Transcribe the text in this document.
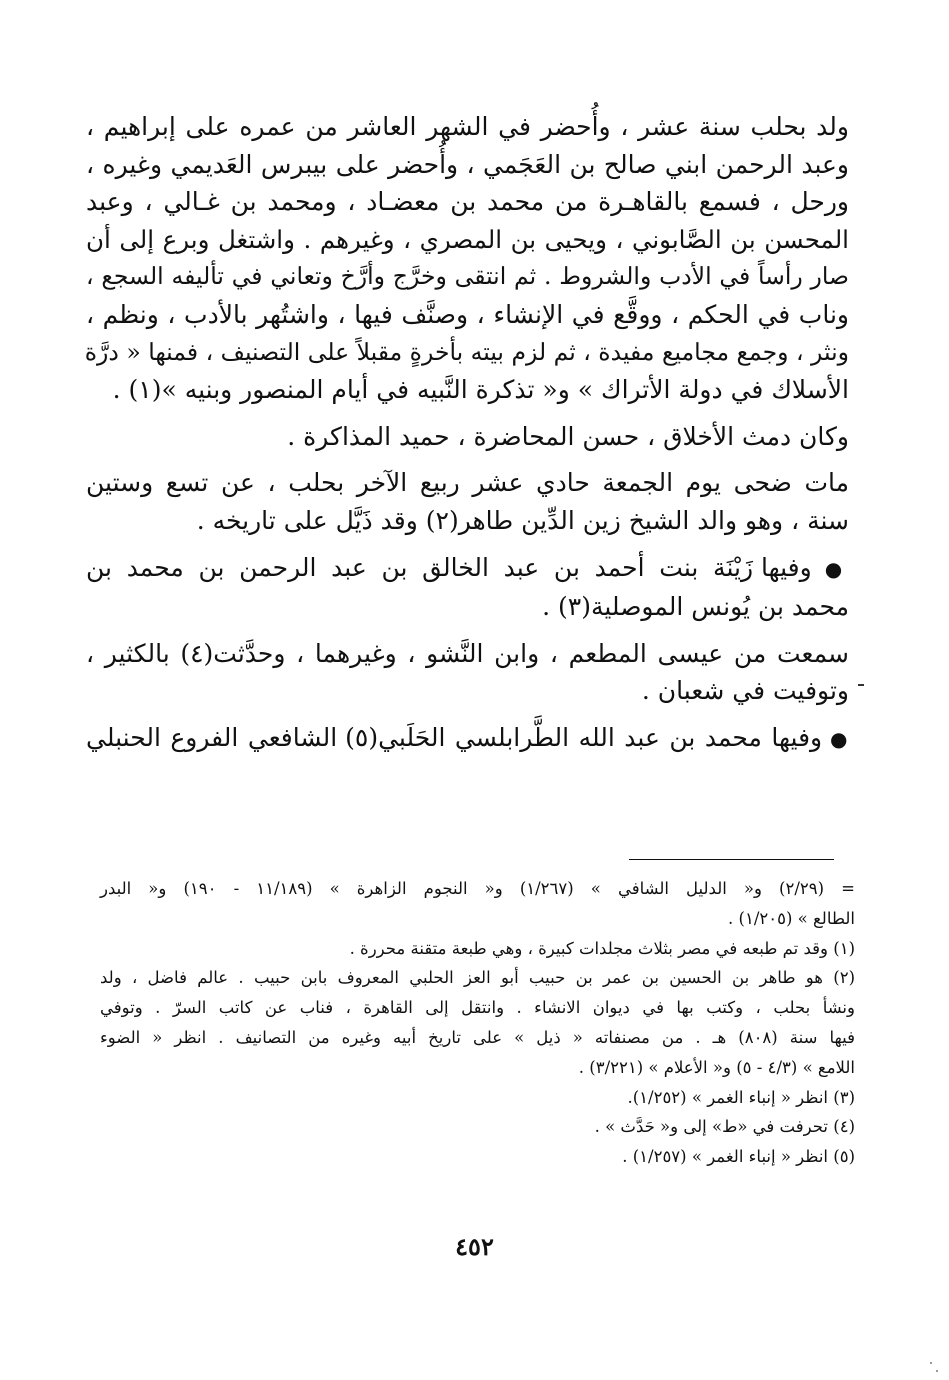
ولد بحلب سنة عشر ، وأُحضر في الشهر العاشر من عمره على إبراهيم ،
وعبد الرحمن ابني صالح بن العَجَمي ، وأُحضر على بيبرس العَديمي وغيره ،
ورحل ، فسمع بالقاهـرة من محمد بن معضـاد ، ومحمد بن غـالي ، وعبد
المحسن بن الصَّابوني ، ويحيى بن المصري ، وغيرهم . واشتغل وبرع إلى أن
صار رأساً في الأدب والشروط . ثم انتقى وخرَّج وأرَّخ وتعاني في تأليفه السجع ،
وناب في الحكم ، ووقَّع في الإنشاء ، وصنَّف فيها ، واشتُهر بالأدب ، ونظم ،
ونثر ، وجمع مجاميع مفيدة ، ثم لزم بيته بأخرةٍ مقبلاً على التصنيف ، فمنها « درَّة
الأسلاك في دولة الأتراك » و« تذكرة النَّبيه في أيام المنصور وبنيه »(١) .

وكان دمث الأخلاق ، حسن المحاضرة ، حميد المذاكرة .

مات ضحى يوم الجمعة حادي عشر ربيع الآخر بحلب ، عن تسع وستين
سنة ، وهو والد الشيخ زين الدِّين طاهر(٢) وقد ذَيَّل على تاريخه .

● وفيها زَيْنَة بنت أحمد بن عبد الخالق بن عبد الرحمن بن محمد بن
محمد بن يُونس الموصلية(٣) .

سمعت من عيسى المطعم ، وابن النَّشو ، وغيرهما ، وحدَّثت(٤) بالكثير ،
وتوفيت في شعبان .

● وفيها محمد بن عبد الله الطَّرابلسي الحَلَبي(٥) الشافعي الفروع الحنبلي

= (٢/٢٩) و« الدليل الشافي » (١/٢٦٧) و« النجوم الزاهرة » (١١/١٨٩ - ١٩٠) و« البدر
الطالع » (١/٢٠٥) .

(١) وقد تم طبعه في مصر بثلاث مجلدات كبيرة ، وهي طبعة متقنة محررة .

(٢) هو طاهر بن الحسين بن عمر بن حبيب أبو العز الحلبي المعروف بابن حبيب . عالم فاضل ، ولد
ونشأ بحلب ، وكتب بها في ديوان الانشاء . وانتقل إلى القاهرة ، فناب عن كاتب السرّ . وتوفي
فيها سنة (٨٠٨) هـ . من مصنفاته « ذيل » على تاريخ أبيه وغيره من التصانيف . انظر « الضوء
اللامع » (٤/٣ - ٥) و« الأعلام » (٣/٢٢١) .

(٣) انظر « إنباء الغمر » (١/٢٥٢).

(٤) تحرفت في «ط» إلى و« حَدَّث » .

(٥) انظر « إنباء الغمر » (١/٢٥٧) .

٤٥٢
